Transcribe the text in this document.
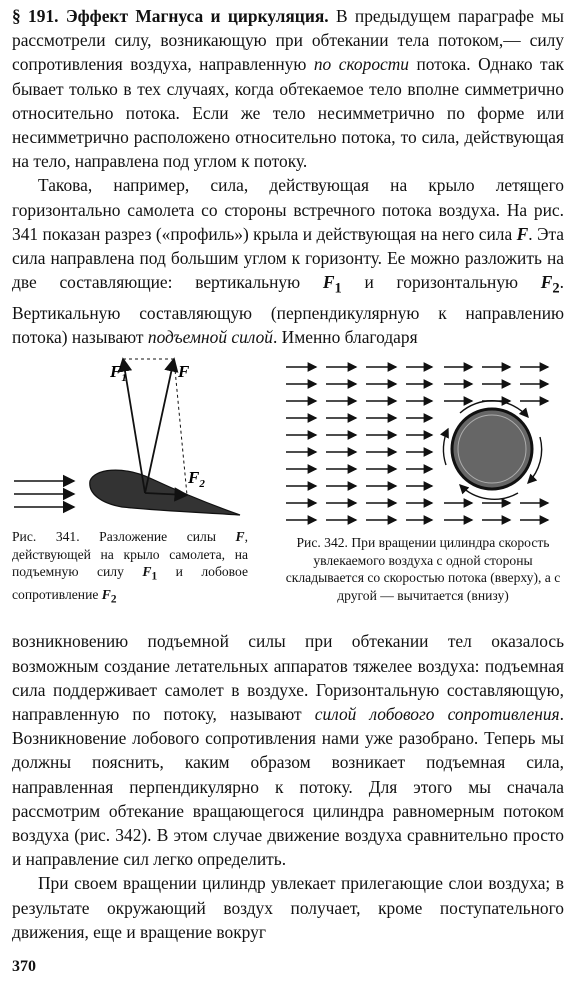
§ 191. Эффект Магнуса и циркуляция. В предыдущем параграфе мы рассмотрели силу, возникающую при обтекании тела потоком,— силу сопротивления воздуха, направленную по скорости потока. Однако так бывает только в тех случаях, когда обтекаемое тело вполне симметрично относительно потока. Если же тело несимметрично по форме или несимметрично расположено относительно потока, то сила, действующая на тело, направлена под углом к потоку.

Такова, например, сила, действующая на крыло летящего горизонтально самолета со стороны встречного потока воздуха. На рис. 341 показан разрез («профиль») крыла и действующая на него сила F. Эта сила направлена под большим углом к горизонту. Ее можно разложить на две составляющие: вертикальную $F_1$ и горизонтальную $F_2$. Вертикальную составляющую (перпендикулярную к направлению потока) называют подъемной силой. Именно благодаря

$F_1$	F
$F_2$
Рис. 341. Разложение силы F, действующей на крыло самолета, на подъемную силу $F_1$ и лобовое сопротивление $F_2$
Рис. 342. При вращении цилиндра скорость увлекаемого воздуха с одной стороны складывается со скоростью потока (вверху), а с другой — вычитается (внизу)

возникновению подъемной силы при обтекании тел оказалось возможным создание летательных аппаратов тяжелее воздуха: подъемная сила поддерживает самолет в воздухе. Горизонтальную составляющую, направленную по потоку, называют силой лобового сопротивления. Возникновение лобового сопротивления нами уже разобрано. Теперь мы должны пояснить, каким образом возникает подъемная сила, направленная перпендикулярно к потоку. Для этого мы сначала рассмотрим обтекание вращающегося цилиндра равномерным потоком воздуха (рис. 342). В этом случае движение воздуха сравнительно просто и направление сил легко определить.

При своем вращении цилиндр увлекает прилегающие слои воздуха; в результате окружающий воздух получает, кроме поступательного движения, еще и вращение вокруг

370
